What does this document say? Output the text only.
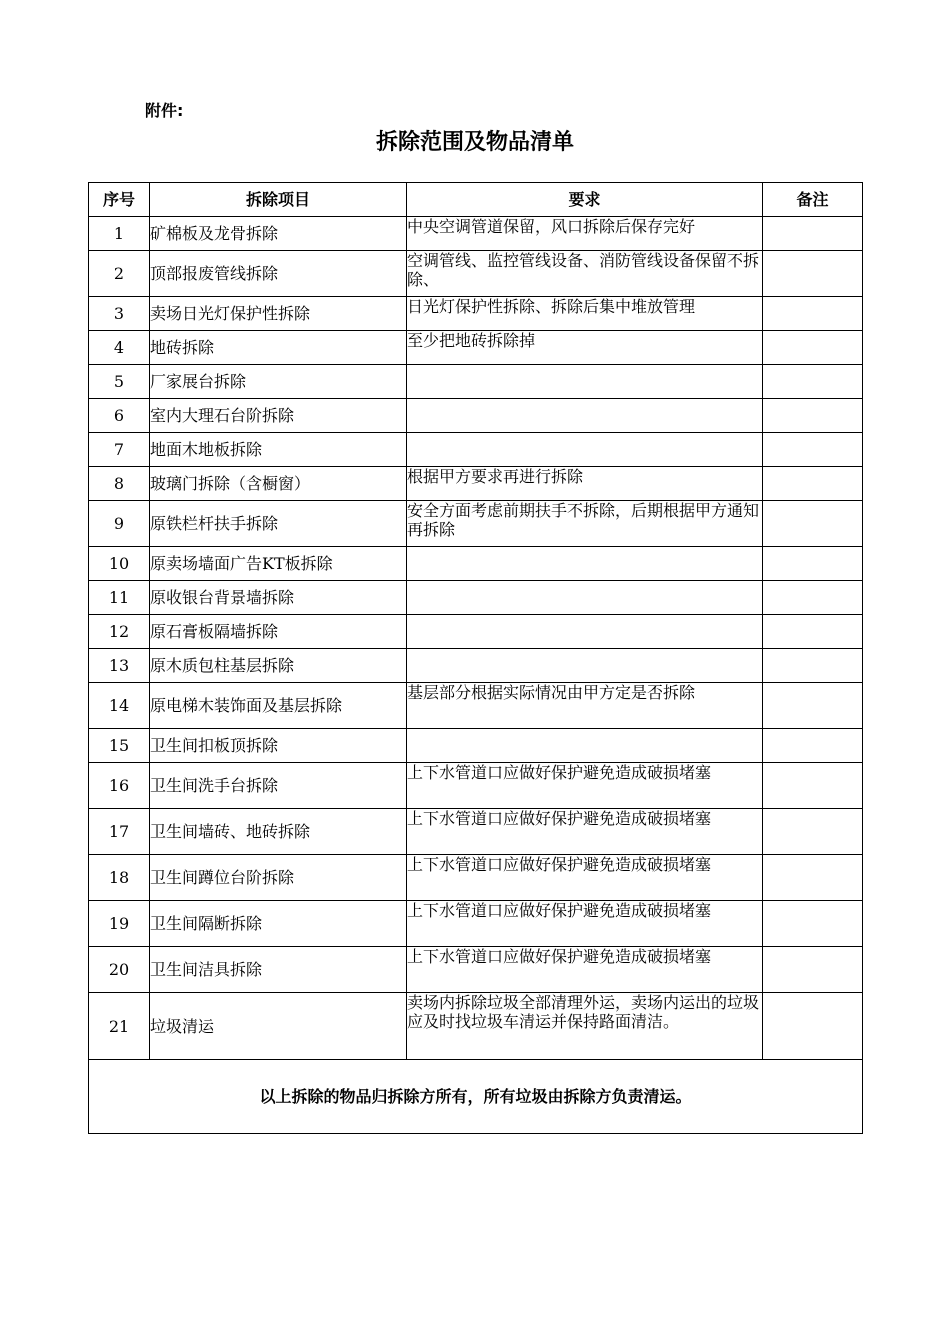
附件:
拆除范围及物品清单
序号	拆除项目	要求	备注
1	矿棉板及龙骨拆除	中央空调管道保留，风口拆除后保存完好	
2	顶部报废管线拆除	空调管线、监控管线设备、消防管线设备保留不拆除、	
3	卖场日光灯保护性拆除	日光灯保护性拆除、拆除后集中堆放管理	
4	地砖拆除	至少把地砖拆除掉	
5	厂家展台拆除		
6	室内大理石台阶拆除		
7	地面木地板拆除		
8	玻璃门拆除（含橱窗）	根据甲方要求再进行拆除	
9	原铁栏杆扶手拆除	安全方面考虑前期扶手不拆除，后期根据甲方通知再拆除	
10	原卖场墙面广告KT板拆除		
11	原收银台背景墙拆除		
12	原石膏板隔墙拆除		
13	原木质包柱基层拆除		
14	原电梯木装饰面及基层拆除	基层部分根据实际情况由甲方定是否拆除	
15	卫生间扣板顶拆除		
16	卫生间洗手台拆除	上下水管道口应做好保护避免造成破损堵塞	
17	卫生间墙砖、地砖拆除	上下水管道口应做好保护避免造成破损堵塞	
18	卫生间蹲位台阶拆除	上下水管道口应做好保护避免造成破损堵塞	
19	卫生间隔断拆除	上下水管道口应做好保护避免造成破损堵塞	
20	卫生间洁具拆除	上下水管道口应做好保护避免造成破损堵塞	
21	垃圾清运	卖场内拆除垃圾全部清理外运，卖场内运出的垃圾应及时找垃圾车清运并保持路面清洁。	
以上拆除的物品归拆除方所有，所有垃圾由拆除方负责清运。			
